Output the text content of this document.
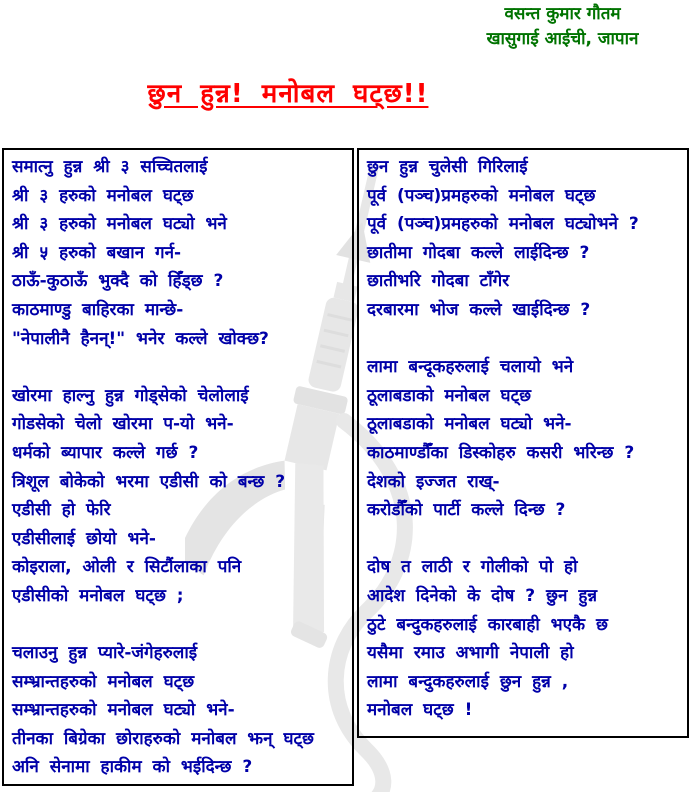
वसन्त कुमार गौतम
खासुगाई आईची, जापान
छुन हुन्न! मनोबल घट्छ!!
समात्नु हुन्न श्री ३ सच्चितलाई
श्री ३ हरुको मनोबल घट्छ
श्री ३ हरुको मनोबल घट्यो भने
श्री ५ हरुको बखान गर्न-
ठाऊँ-कुठाऊँ भुक्दै को हिँड्छ ?
काठमाण्डु बाहिरका मान्छे-
"नेपालीनै हैनन्!" भनेर कल्ले खोक्छ?

खोरमा हाल्नु हुन्न गोड्सेको चेलोलाई
गोडसेको चेलो खोरमा प-यो भने-
धर्मको ब्यापार कल्ले गर्छ ?
त्रिशूल बोकेको भरमा एडीसी को बन्छ ?
एडीसी हो फेरि
एडीसीलाई छोयो भने-
कोइराला, ओली र सिटौंलाका पनि
एडीसीको मनोबल घट्छ ;

चलाउनु हुन्न प्यारे-जंगेहरुलाई
सम्भ्रान्तहरुको मनोबल घट्छ
सम्भ्रान्तहरुको मनोबल घट्यो भने-
तीनका बिग्रेका छोराहरुको मनोबल झन् घट्छ
अनि सेनामा हाकीम को भईदिन्छ ?
छुन हुन्न चुलेसी गिरिलाई
पूर्व (पञ्च)प्रमहरुको मनोबल घट्छ
पूर्व (पञ्च)प्रमहरुको मनोबल घट्योभने ?
छातीमा गोदबा कल्ले लाईदिन्छ ?
छातीभरि गोदबा टाँगेर
दरबारमा भोज कल्ले खाईदिन्छ ?

लामा बन्दूकहरुलाई चलायो भने
ठूलाबडाको मनोबल घट्छ
ठूलाबडाको मनोबल घट्यो भने-
काठमाण्डौँका डिस्कोहरु कसरी भरिन्छ ?
देशको इज्जत राख्-
करोडौँको पार्टी कल्ले दिन्छ ?

दोष त लाठी र गोलीको पो हो
आदेश दिनेको के दोष ? छुन हुन्न
ठुटे बन्दुकहरुलाई कारबाही भएकै छ
यसैमा रमाउ अभागी नेपाली हो
लामा बन्दुकहरुलाई छुन हुन्न ,
मनोबल घट्छ !
